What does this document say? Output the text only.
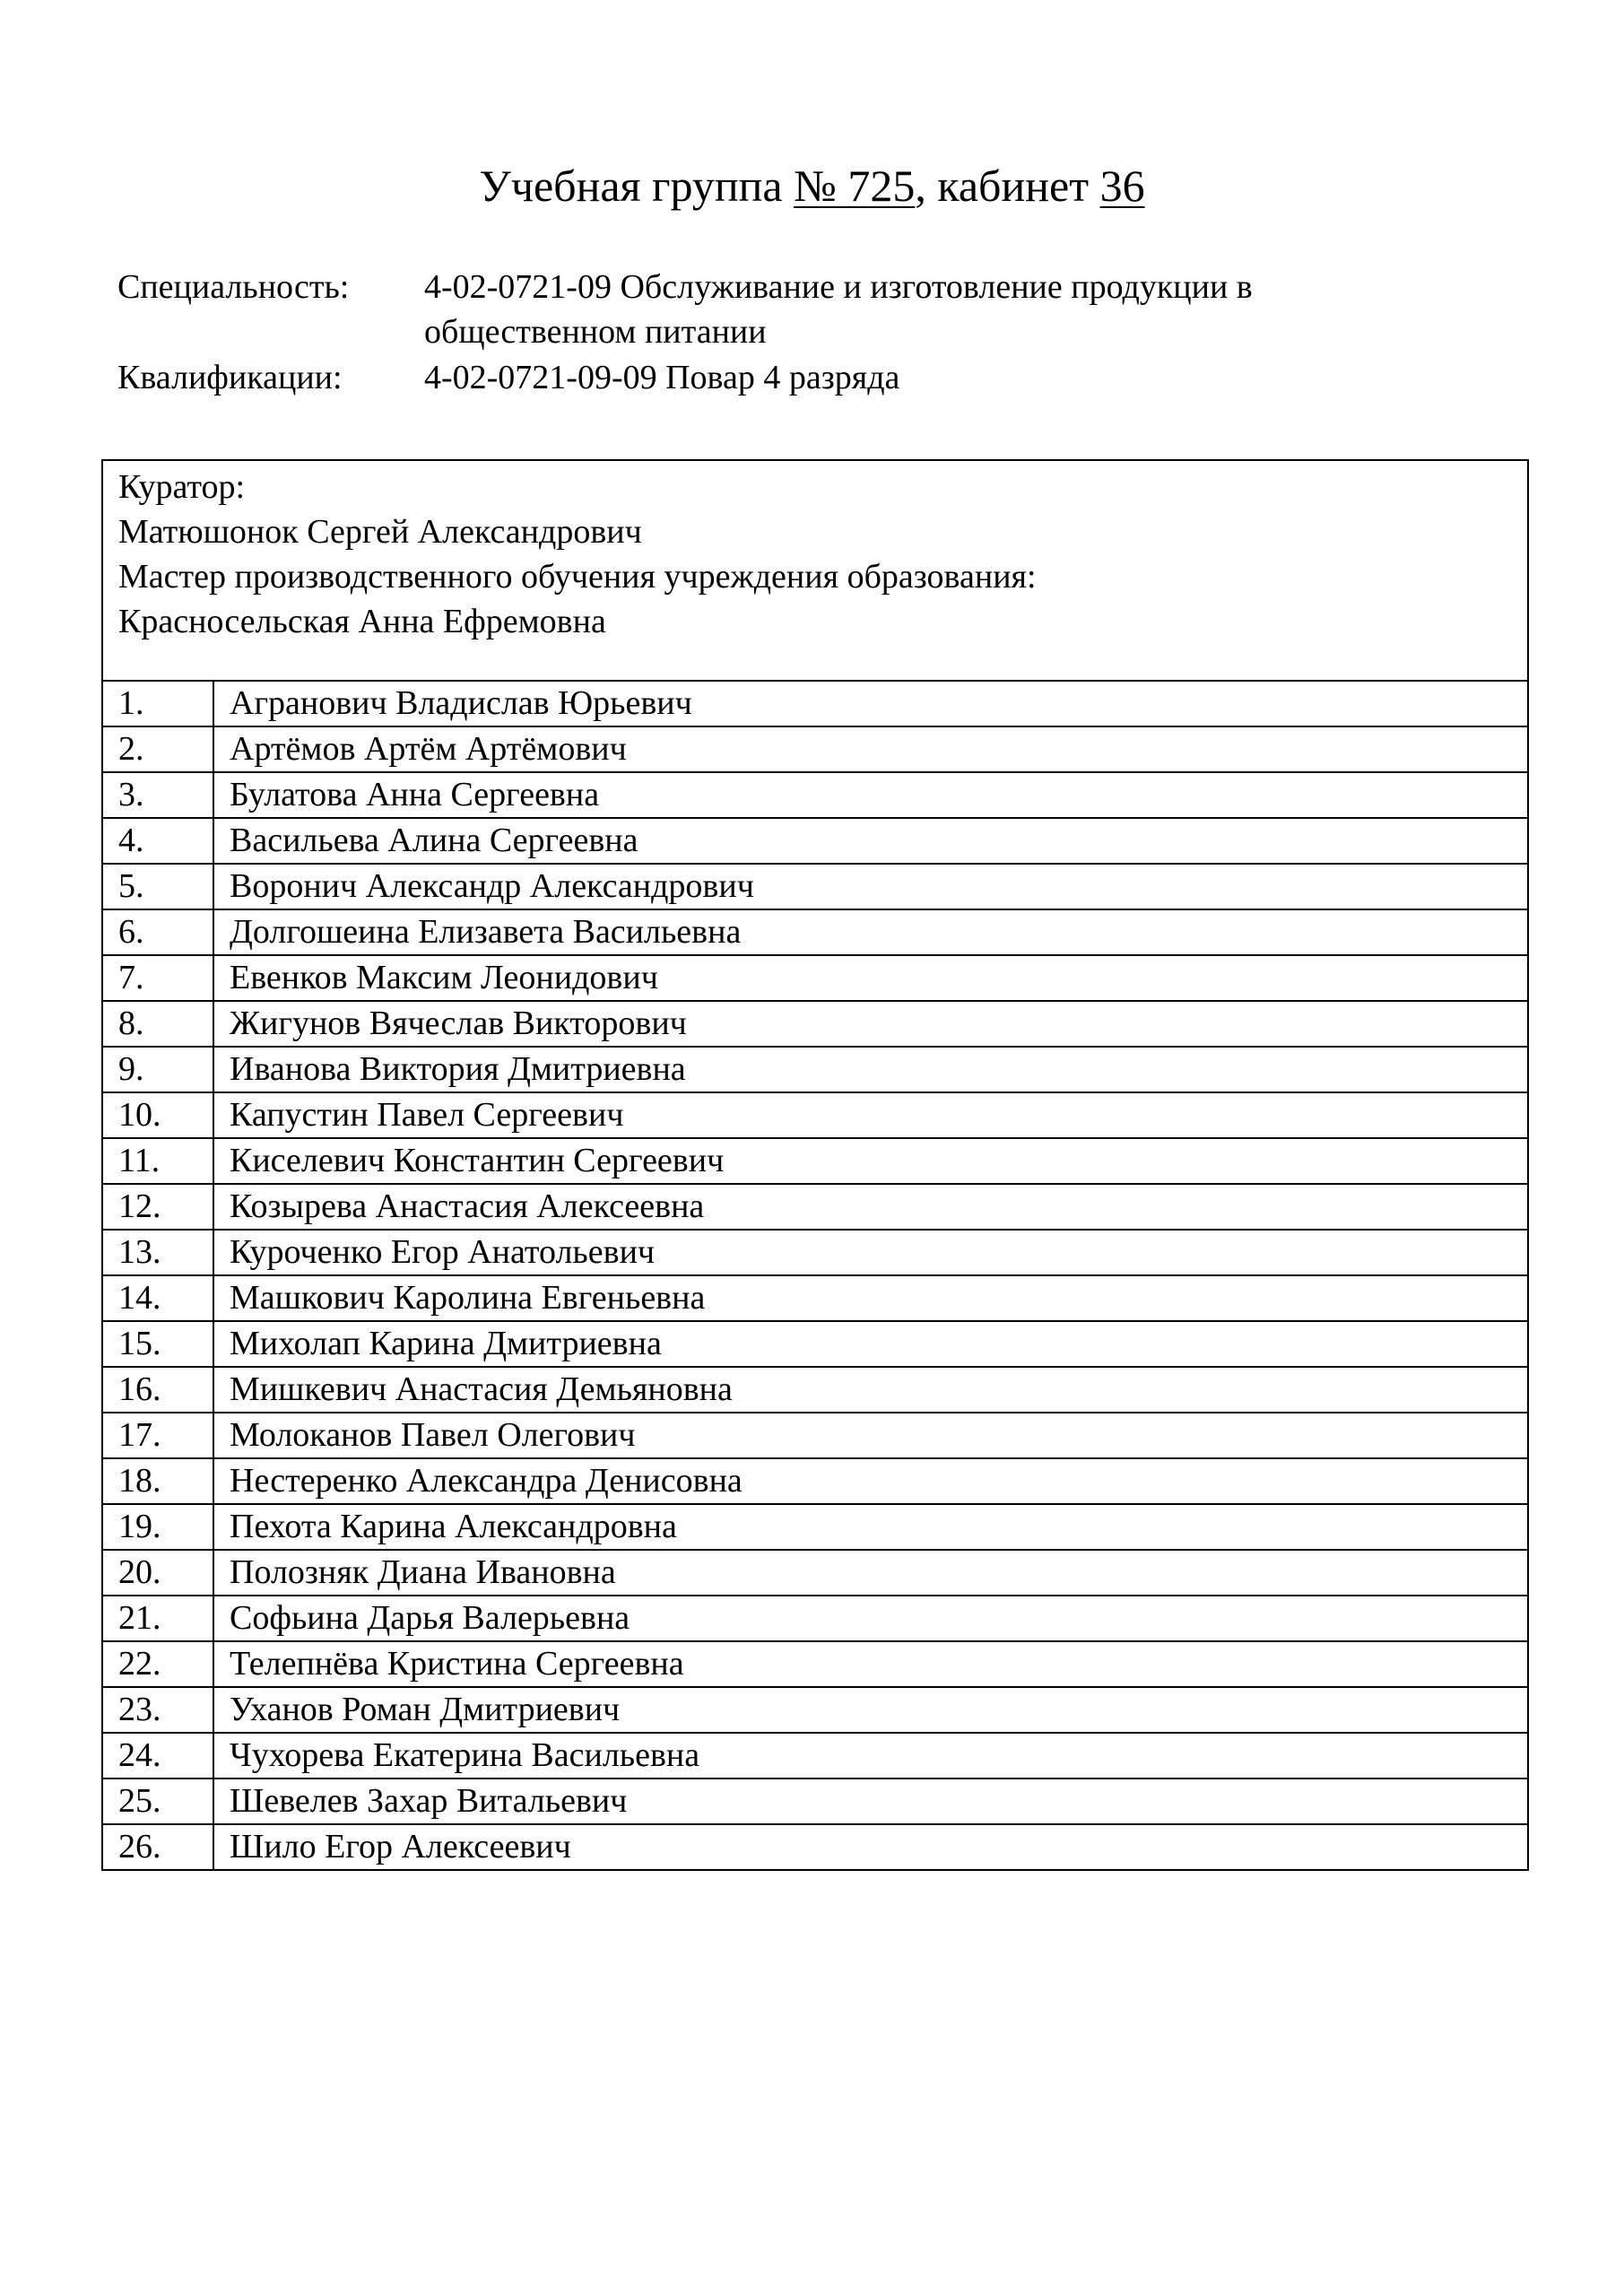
Учебная группа № 725, кабинет 36
Специальность:	4-02-0721-09 Обслуживание и изготовление продукции в
общественном питании
Квалификации:	4-02-0721-09-09 Повар 4 разряда
Куратор:
Матюшонок Сергей Александрович
Мастер производственного обучения учреждения образования:
Красносельская Анна Ефремовна	

1.	Агранович Владислав Юрьевич
2.	Артёмов Артём Артёмович
3.	Булатова Анна Сергеевна
4.	Васильева Алина Сергеевна
5.	Воронич Александр Александрович
6.	Долгошеина Елизавета Васильевна
7.	Евенков Максим Леонидович
8.	Жигунов Вячеслав Викторович
9.	Иванова Виктория Дмитриевна
10.	Капустин Павел Сергеевич
11.	Киселевич Константин Сергеевич
12.	Козырева Анастасия Алексеевна
13.	Куроченко Егор Анатольевич
14.	Машкович Каролина Евгеньевна
15.	Михолап Карина Дмитриевна
16.	Мишкевич Анастасия Демьяновна
17.	Молоканов Павел Олегович
18.	Нестеренко Александра Денисовна
19.	Пехота Карина Александровна
20.	Полозняк Диана Ивановна
21.	Софьина Дарья Валерьевна
22.	Телепнёва Кристина Сергеевна
23.	Уханов Роман Дмитриевич
24.	Чухорева Екатерина Васильевна
25.	Шевелев Захар Витальевич
26.	Шило Егор Алексеевич
